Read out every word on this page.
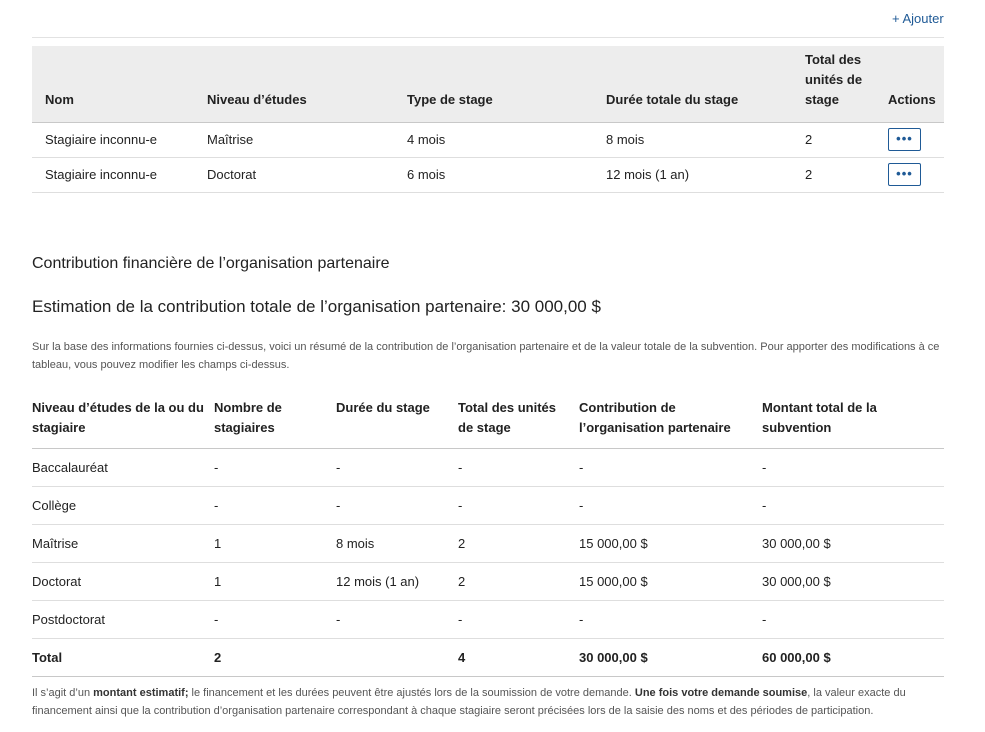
+ Ajouter
Nom	Niveau d’études	Type de stage	Durée totale du stage	Total des unités de stage	Actions
Stagiaire inconnu-e	Maîtrise	4 mois	8 mois	2	•••

Stagiaire inconnu-e	Doctorat	6 mois	12 mois (1 an)	2	•••
Contribution financière de l’organisation partenaire
Estimation de la contribution totale de l’organisation partenaire: 30 000,00 $

Sur la base des informations fournies ci-dessus, voici un résumé de la contribution de l’organisation partenaire et de la valeur totale de la subvention. Pour apporter des modifications à ce tableau, vous pouvez modifier les champs ci-dessus.

Niveau d’études de la ou du stagiaire	Nombre de stagiaires	Durée du stage	Total des unités de stage	Contribution de l’organisation partenaire	Montant total de la subvention
Baccalauréat	-	-	-	-	-
Collège	-	-	-	-	-
Maîtrise	1	8 mois	2	15 000,00 $	30 000,00 $
Doctorat	1	12 mois (1 an)	2	15 000,00 $	30 000,00 $
Postdoctorat	-	-	-	-	-
Total	2		4	30 000,00 $	60 000,00 $

Il s’agit d’un montant estimatif; le financement et les durées peuvent être ajustés lors de la soumission de votre demande. Une fois votre demande soumise, la valeur exacte du financement ainsi que la contribution d’organisation partenaire correspondant à chaque stagiaire seront précisées lors de la saisie des noms et des périodes de participation.
